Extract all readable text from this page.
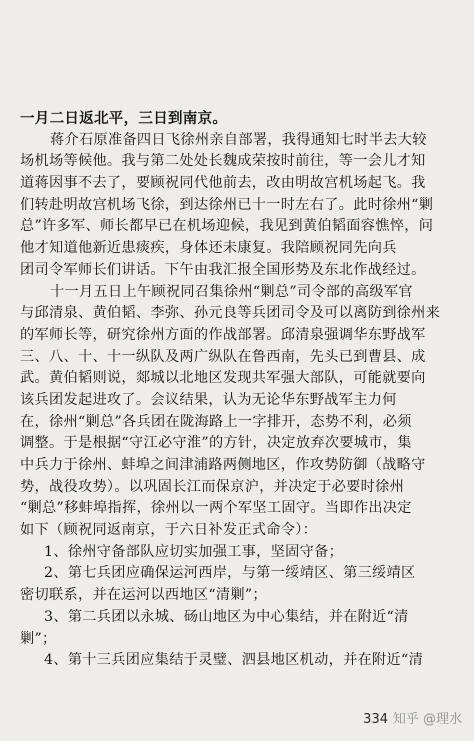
一月二日返北平，三日到南京。
蒋介石原准备四日飞徐州亲自部署，我得通知七时半去大较
场机场等候他。我与第二处处长魏成荣按时前往，等一会儿才知
道蒋因事不去了，要顾祝同代他前去，改由明故宫机场起飞。我
们转赴明故宫机场飞徐，到达徐州已十一时左右了。此时徐州“剿
总”许多军、师长都早已在机场迎候，我见到黄伯韬面容憔悴，问
他才知道他新近患痰疾，身体还未康复。我陪顾祝同先向兵
团司令军师长们讲话。下午由我汇报全国形势及东北作战经过。
十一月五日上午顾祝同召集徐州“剿总”司令部的高级军官
与邱清泉、黄伯韬、李弥、孙元良等兵团司令及可以离防到徐州来
的军师长等，研究徐州方面的作战部署。邱清泉强调华东野战军
三、八、十、十一纵队及两广纵队在鲁西南，先头已到曹县、成
武。黄伯韬则说，郯城以北地区发现共军强大部队，可能就要向
该兵团发起进攻了。会议结果，认为无论华东野战军主力何
在，徐州“剿总”各兵团在陇海路上一字排开，态势不利，必须
调整。于是根据“守江必守淮”的方针，决定放弃次要城市，集
中兵力于徐州、蚌埠之间津浦路两侧地区，作攻势防御（战略守
势，战役攻势）。以巩固长江而保京沪，并决定于必要时徐州
“剿总”移蚌埠指挥，徐州以一两个军坚工固守。当即作出决定
如下（顾祝同返南京，于六日补发正式命令）：
1、徐州守备部队应切实加强工事，坚固守备；
2、第七兵团应确保运河西岸，与第一绥靖区、第三绥靖区
密切联系，并在运河以西地区“清剿”；
3、第二兵团以永城、砀山地区为中心集结，并在附近“清
剿”；
4、第十三兵团应集结于灵璧、泗县地区机动，并在附近“清
334 知乎 @理水
